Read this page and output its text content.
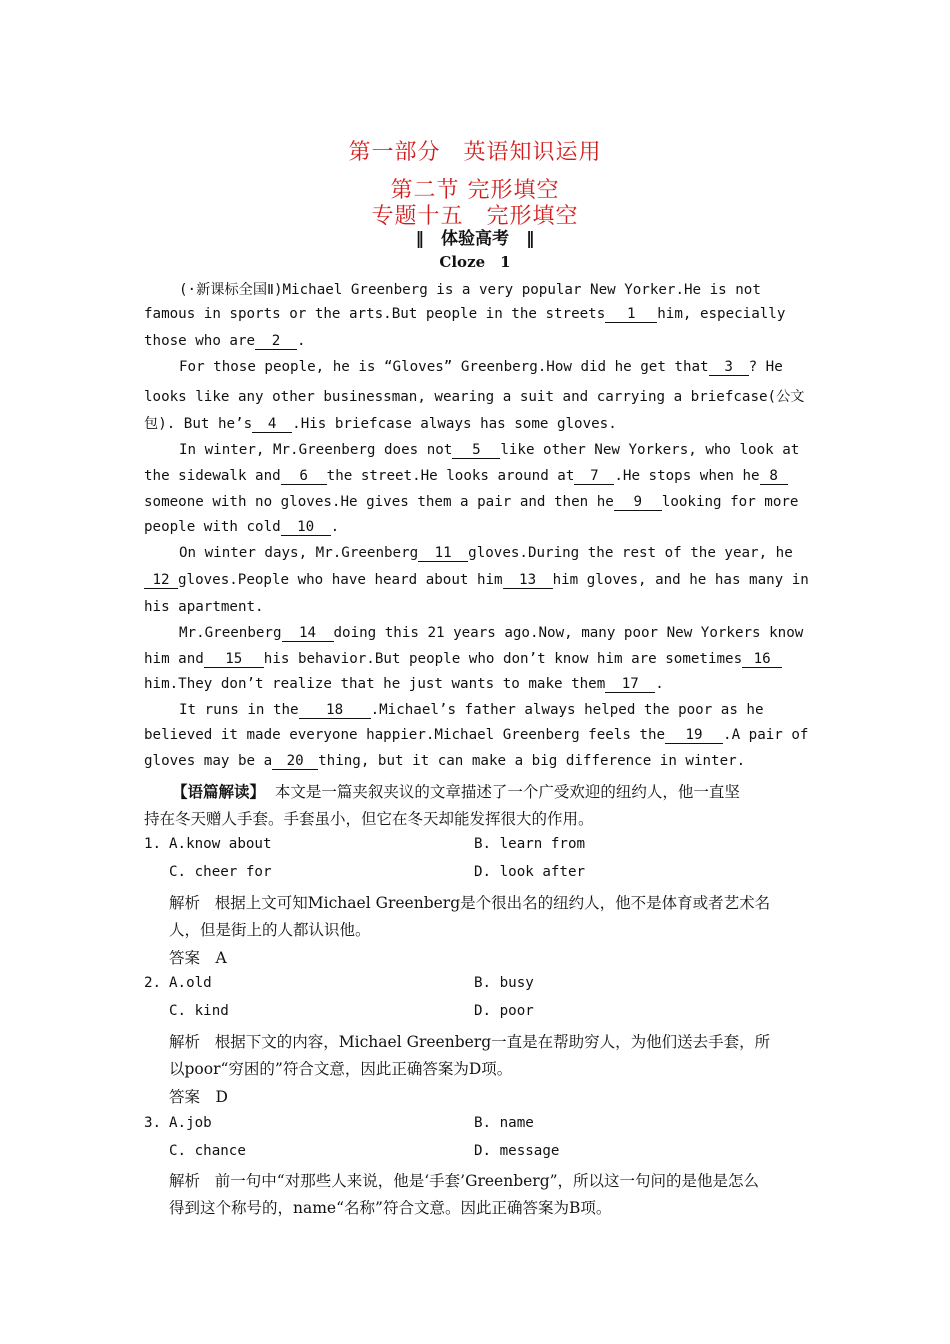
第一部分　英语知识运用
第二节 完形填空
专题十五　完形填空
‖　体验高考　‖
Cloze　1
(·新课标全国Ⅱ)Michael Greenberg is a very popular New Yorker.He is not
famous in sports or the arts.But people in the streets 1 him, especially
those who are 2 .
For those people, he is “Gloves” Greenberg.How did he get that 3 ? He
looks like any other businessman, wearing a suit and carrying a briefcase(公文
包). But he’s 4 .His briefcase always has some gloves.
In winter, Mr.Greenberg does not 5 like other New Yorkers, who look at
the sidewalk and 6 the street.He looks around at 7 .He stops when he 8
someone with no gloves.He gives them a pair and then he 9 looking for more
people with cold 10 .
On winter days, Mr.Greenberg 11 gloves.During the rest of the year, he
12 gloves.People who have heard about him 13 him gloves, and he has many in
his apartment.
Mr.Greenberg 14 doing this 21 years ago.Now, many poor New Yorkers know
him and 15 his behavior.But people who don’t know him are sometimes 16
him.They don’t realize that he just wants to make them 17 .
It runs in the 18 .Michael’s father always helped the poor as he
believed it made everyone happier.Michael Greenberg feels the 19 .A pair of
gloves may be a 20 thing, but it can make a big difference in winter.
【语篇解读】 本文是一篇夹叙夹议的文章描述了一个广受欢迎的纽约人，他一直坚
持在冬天赠人手套。手套虽小，但它在冬天却能发挥很大的作用。
1. A.know about	B. learn from
C. cheer for	D. look after
解析 根据上文可知Michael Greenberg是个很出名的纽约人，他不是体育或者艺术名
人，但是街上的人都认识他。
答案　A
2. A.old	B. busy
C. kind	D. poor
解析 根据下文的内容，Michael Greenberg一直是在帮助穷人，为他们送去手套，所
以poor“穷困的”符合文意，因此正确答案为D项。
答案　D
3. A.job	B. name
C. chance	D. message
解析 前一句中“对那些人来说，他是‘手套’Greenberg”，所以这一句问的是他是怎么
得到这个称号的，name“名称”符合文意。因此正确答案为B项。
